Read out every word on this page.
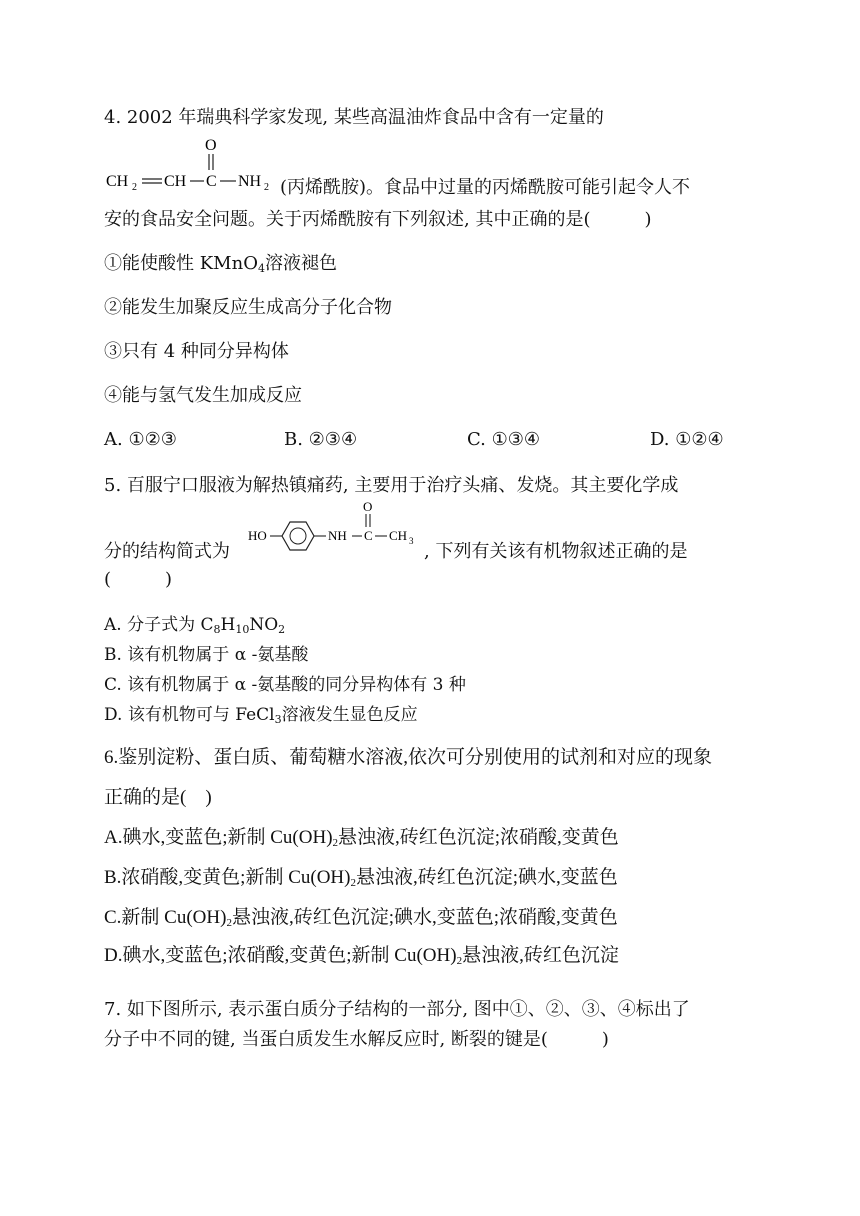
4. 2002 年瑞典科学家发现, 某些高温油炸食品中含有一定量的
CH 2 CH C
O
NH 2 (丙烯酰胺)。食品中过量的丙烯酰胺可能引起令人不
安的食品安全问题。关于丙烯酰胺有下列叙述, 其中正确的是(　　　)
①能使酸性 KMnO$_4$溶液褪色
②能发生加聚反应生成高分子化合物
③只有 4 种同分异构体
④能与氢气发生加成反应
A. ①②③	B. ②③④	C. ①③④	D. ①②④
5. 百服宁口服液为解热镇痛药, 主要用于治疗头痛、发烧。其主要化学成
分的结构简式为
HO	NH C
O
CH 3 , 下列有关该有机物叙述正确的是
(　　　)
A. 分子式为 $C_8H_{10}NO_2$
B. 该有机物属于 α -氨基酸
C. 该有机物属于 α -氨基酸的同分异构体有 3 种
D. 该有机物可与 FeCl$_3$溶液发生显色反应
6.鉴别淀粉、蛋白质、葡萄糖水溶液,依次可分别使用的试剂和对应的现象
正确的是(　)
A.碘水,变蓝色;新制 $Cu(OH)_2$悬浊液,砖红色沉淀;浓硝酸,变黄色
B.浓硝酸,变黄色;新制 $Cu(OH)_2$悬浊液,砖红色沉淀;碘水,变蓝色
C.新制 $Cu(OH)_2$悬浊液,砖红色沉淀;碘水,变蓝色;浓硝酸,变黄色
D.碘水,变蓝色;浓硝酸,变黄色;新制 $Cu(OH)_2$悬浊液,砖红色沉淀
7. 如下图所示, 表示蛋白质分子结构的一部分, 图中①、②、③、④标出了
分子中不同的键, 当蛋白质发生水解反应时, 断裂的键是(　　　)
